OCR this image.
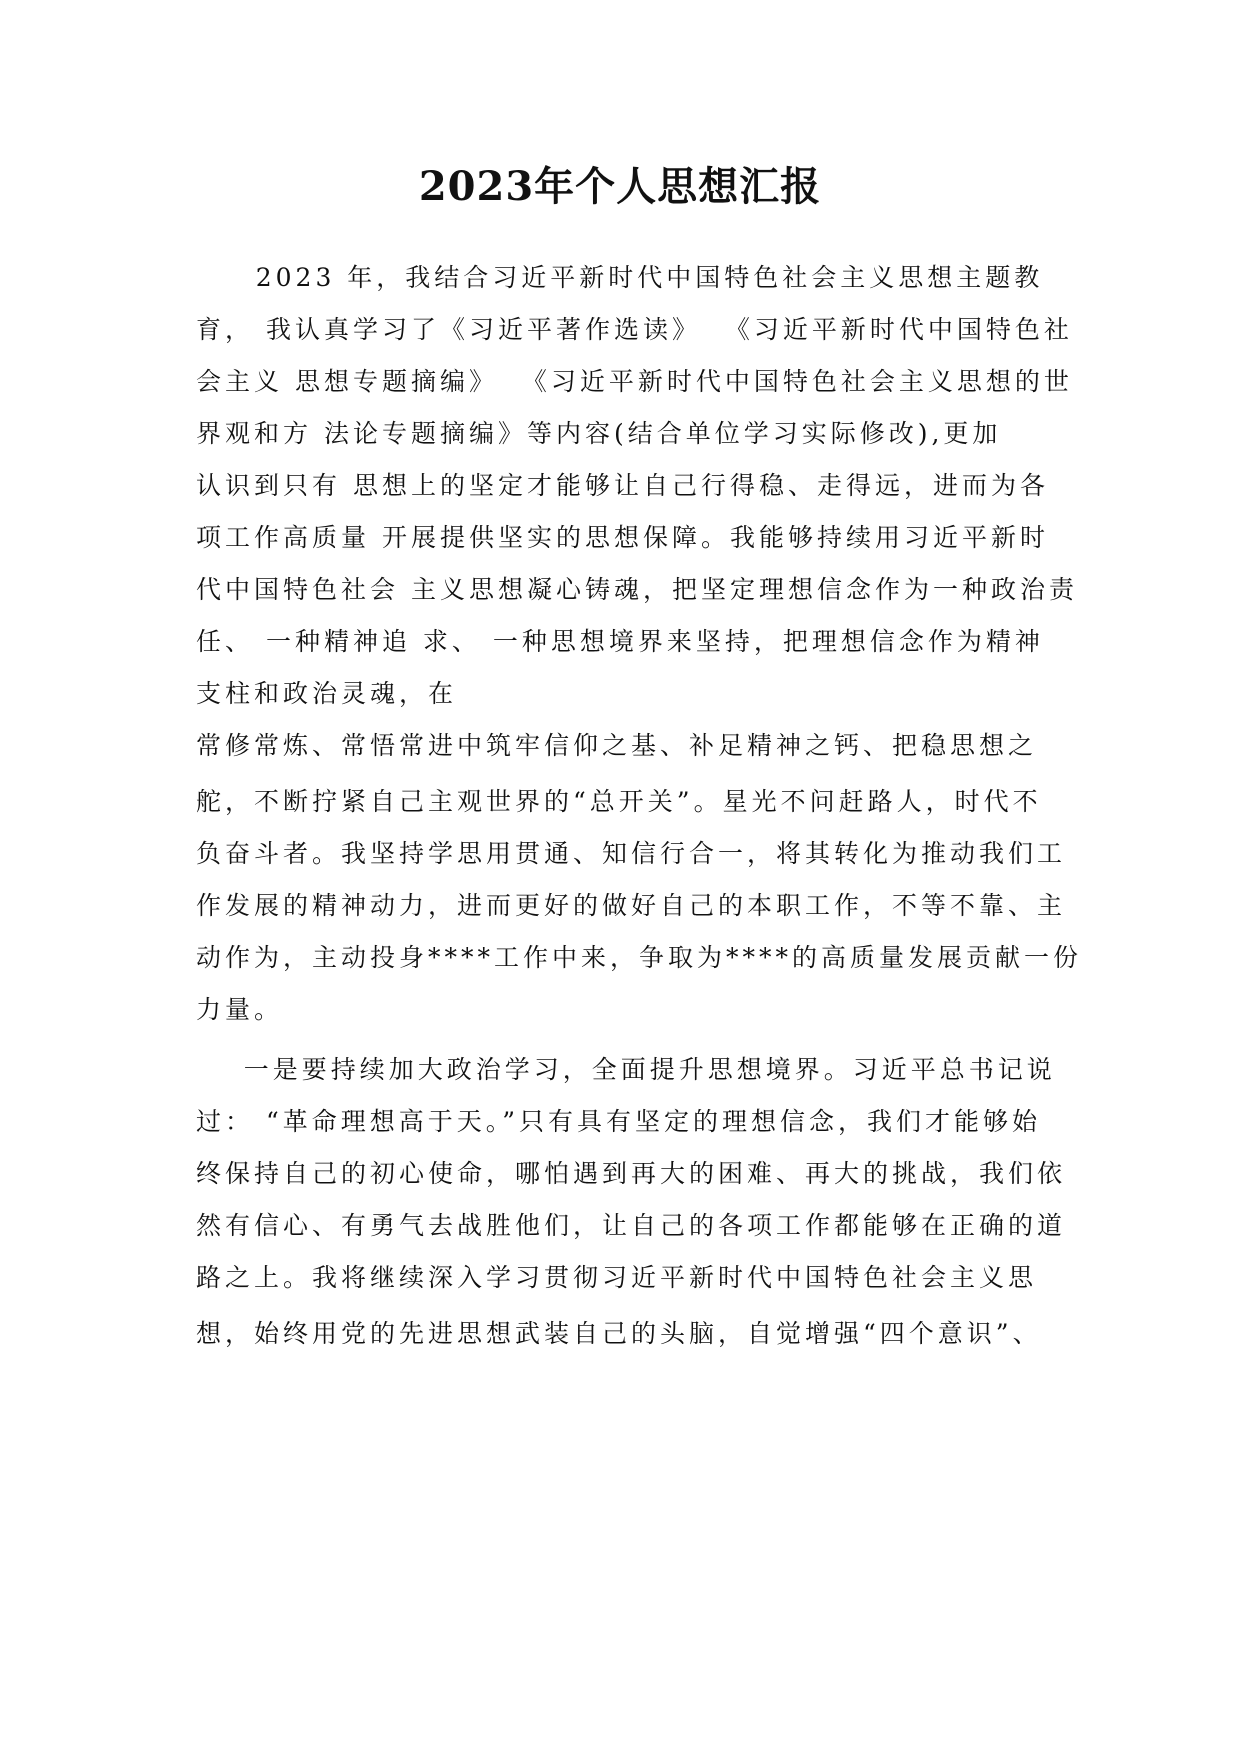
2023年个人思想汇报

2023 年，我结合习近平新时代中国特色社会主义思想主题教

育， 我认真学习了《习近平著作选读》  《习近平新时代中国特色社

会主义 思想专题摘编》  《习近平新时代中国特色社会主义思想的世

界观和方 法论专题摘编》等内容(结合单位学习实际修改),更加

认识到只有 思想上的坚定才能够让自己行得稳、走得远，进而为各

项工作高质量 开展提供坚实的思想保障。我能够持续用习近平新时

代中国特色社会 主义思想凝心铸魂，把坚定理想信念作为一种政治责

任、 一种精神追 求、 一种思想境界来坚持，把理想信念作为精神

支柱和政治灵魂，在

常修常炼、常悟常进中筑牢信仰之基、补足精神之钙、把稳思想之

舵，不断拧紧自己主观世界的“总开关”。星光不问赶路人，时代不

负奋斗者。我坚持学思用贯通、知信行合一，将其转化为推动我们工

作发展的精神动力，进而更好的做好自己的本职工作，不等不靠、主

动作为，主动投身****工作中来，争取为****的高质量发展贡献一份

力量。

一是要持续加大政治学习，全面提升思想境界。习近平总书记说

过： “革命理想高于天。”只有具有坚定的理想信念，我们才能够始

终保持自己的初心使命，哪怕遇到再大的困难、再大的挑战，我们依

然有信心、有勇气去战胜他们，让自己的各项工作都能够在正确的道

路之上。我将继续深入学习贯彻习近平新时代中国特色社会主义思

想，始终用党的先进思想武装自己的头脑，自觉增强“四个意识”、
